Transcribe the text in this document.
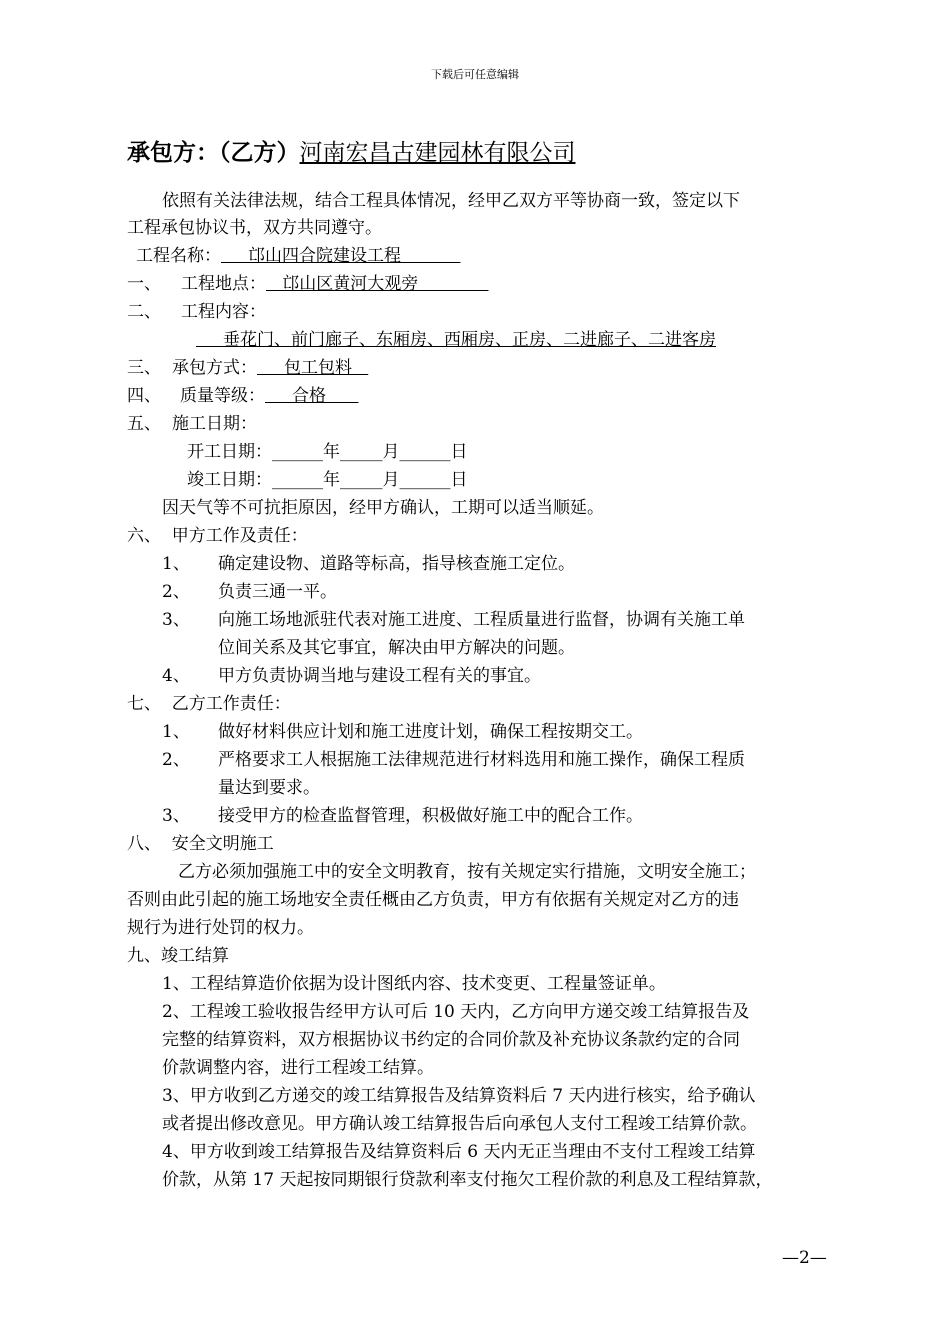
下载后可任意编辑
承包方：（乙方）河南宏昌古建园林有限公司
依照有关法律法规，结合工程具体情况，经甲乙双方平等协商一致，签定以下
工程承包协议书，双方共同遵守。
工程名称：     邙山四合院建设工程
一、 工程地点：   邙山区黄河大观旁
二、 工程内容：
垂花门、前门廊子、东厢房、西厢房、正房、二进廊子、二进客房
三、 承包方式：     包工包料
四、 质量等级：     合格
五、 施工日期：
开工日期：______年_____月______日
竣工日期：______年_____月______日
因天气等不可抗拒原因，经甲方确认，工期可以适当顺延。
六、  甲方工作及责任：
1、 确定建设物、道路等标高，指导核查施工定位。
2、 负责三通一平。
3、 向施工场地派驻代表对施工进度、工程质量进行监督，协调有关施工单
位间关系及其它事宜，解决由甲方解决的问题。
4、 甲方负责协调当地与建设工程有关的事宜。
七、  乙方工作责任：
1、 做好材料供应计划和施工进度计划，确保工程按期交工。
2、 严格要求工人根据施工法律规范进行材料选用和施工操作，确保工程质
量达到要求。
3、 接受甲方的检查监督管理，积极做好施工中的配合工作。
八、  安全文明施工
乙方必须加强施工中的安全文明教育，按有关规定实行措施，文明安全施工；
否则由此引起的施工场地安全责任概由乙方负责，甲方有依据有关规定对乙方的违
规行为进行处罚的权力。
九、竣工结算
1、工程结算造价依据为设计图纸内容、技术变更、工程量签证单。
2、工程竣工验收报告经甲方认可后 10 天内，乙方向甲方递交竣工结算报告及
完整的结算资料，双方根据协议书约定的合同价款及补充协议条款约定的合同
价款调整内容，进行工程竣工结算。
3、甲方收到乙方递交的竣工结算报告及结算资料后 7 天内进行核实，给予确认
或者提出修改意见。甲方确认竣工结算报告后向承包人支付工程竣工结算价款。
4、甲方收到竣工结算报告及结算资料后 6 天内无正当理由不支付工程竣工结算
价款，从第 17 天起按同期银行贷款利率支付拖欠工程价款的利息及工程结算款，
—2—
